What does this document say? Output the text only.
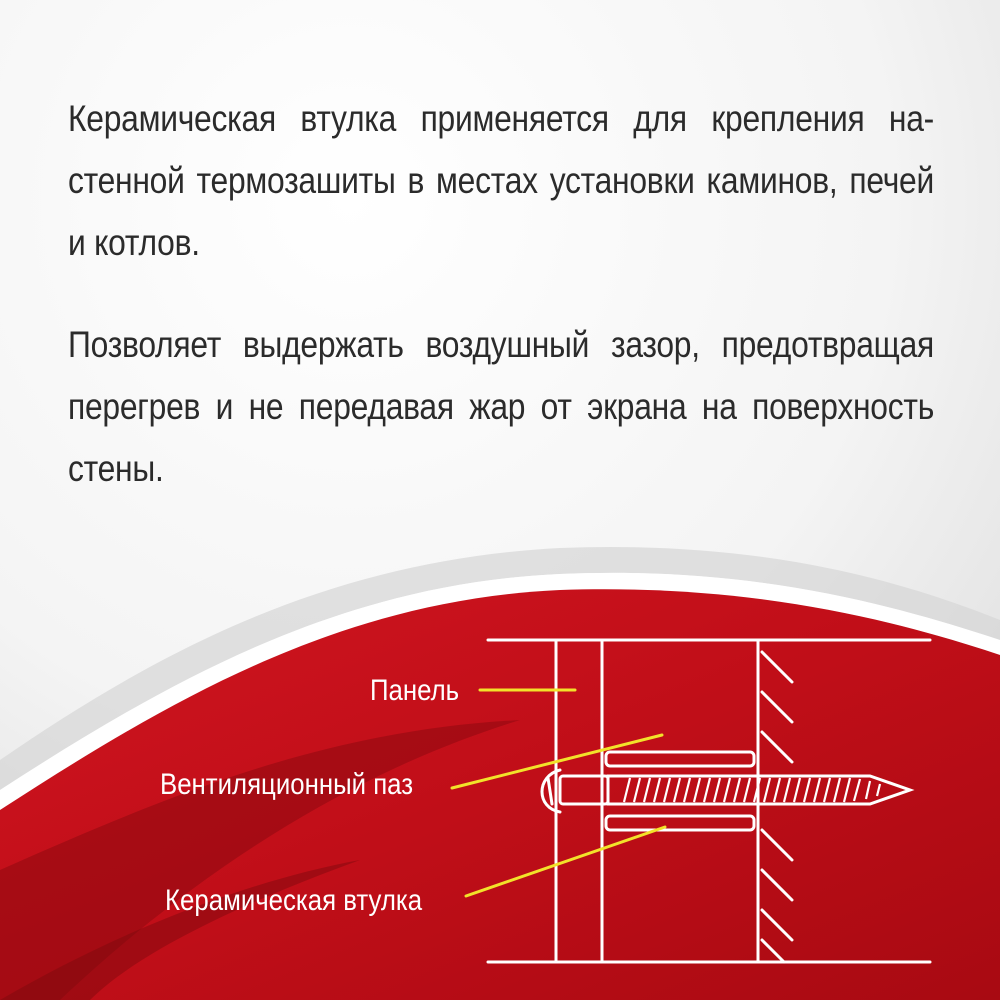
Керамическая втулка применяется для крепления на-стенной термозашиты в местах установки каминов, печей и котлов.

Позволяет выдержать воздушный зазор, предотвращая перегрев и не передавая жар от экрана на поверхность стены.

Панель
Вентиляционный паз
Керамическая втулка
